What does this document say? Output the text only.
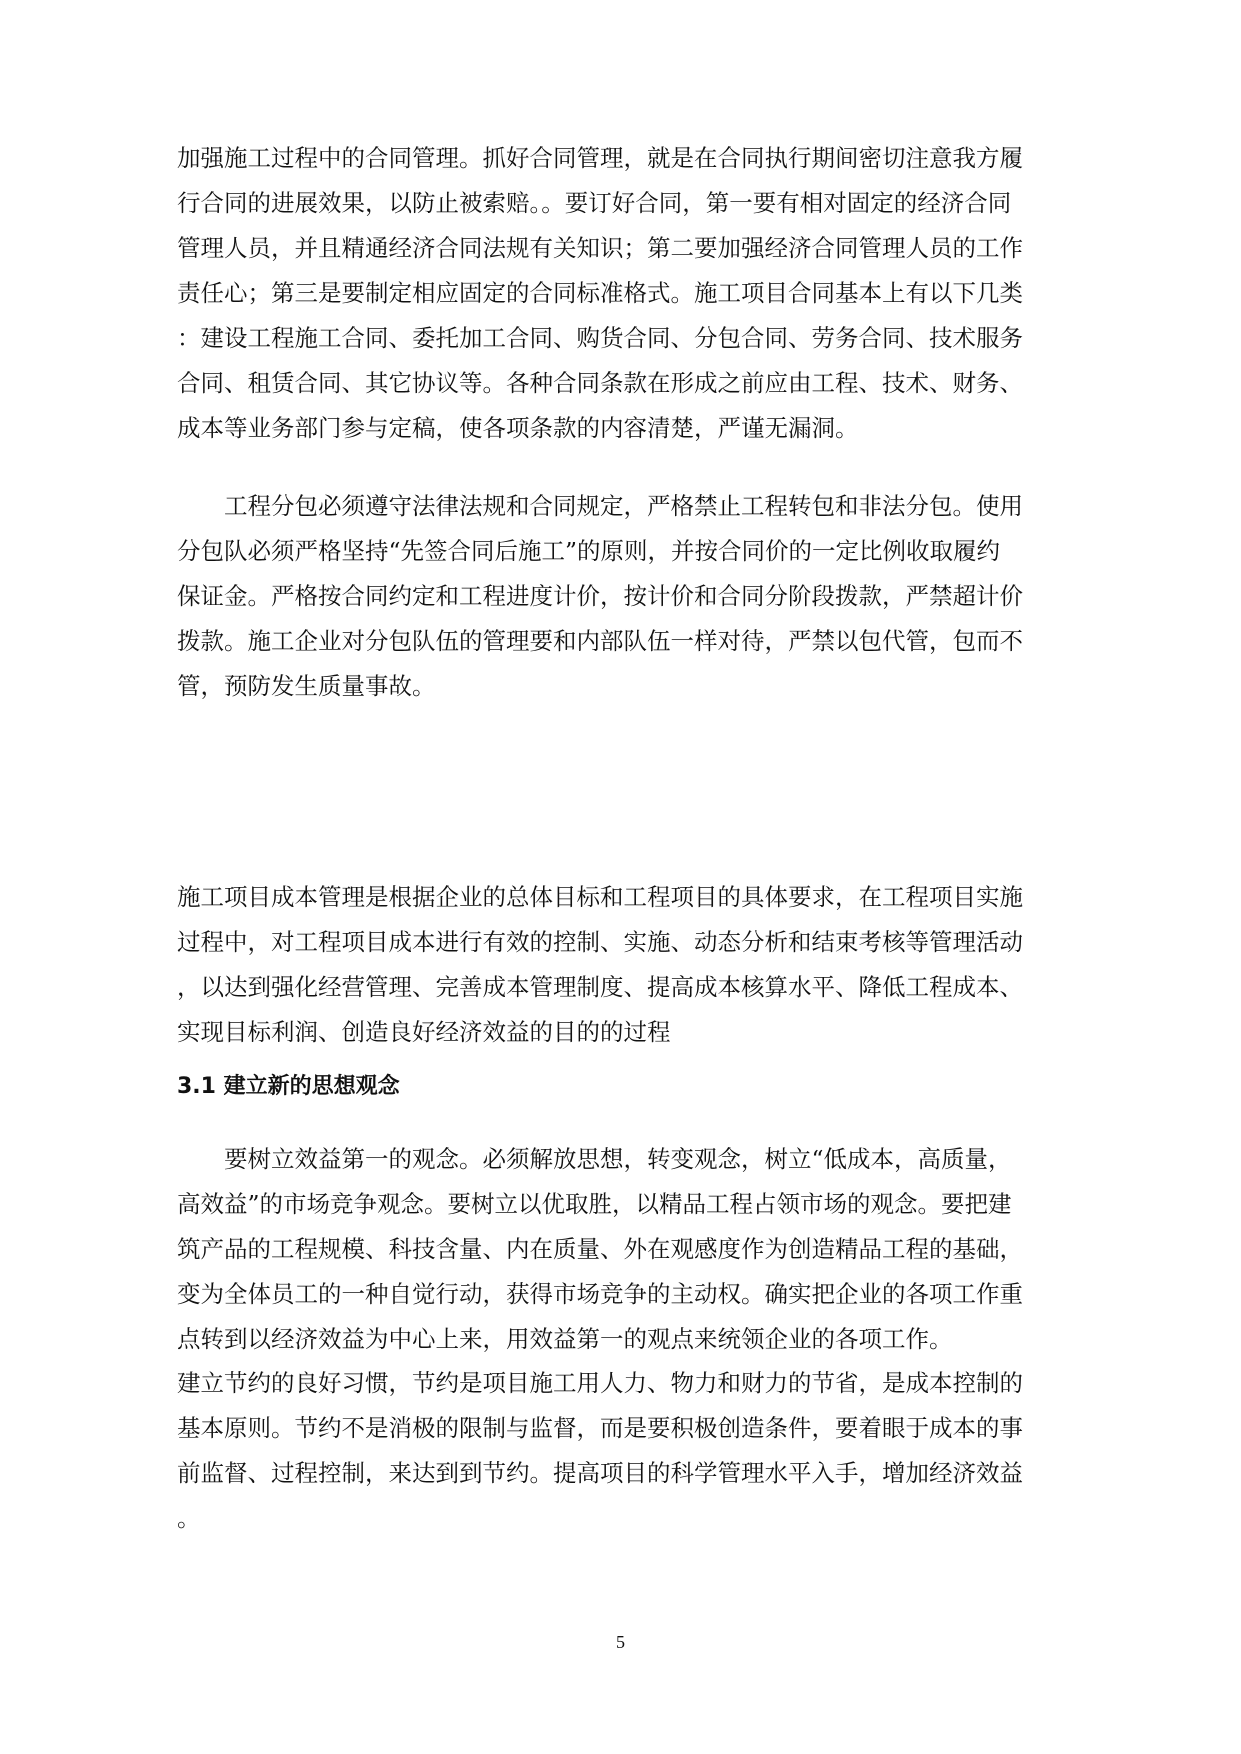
加强施工过程中的合同管理。抓好合同管理，就是在合同执行期间密切注意我方履
行合同的进展效果，以防止被索赔。。要订好合同，第一要有相对固定的经济合同
管理人员，并且精通经济合同法规有关知识；第二要加强经济合同管理人员的工作
责任心；第三是要制定相应固定的合同标准格式。施工项目合同基本上有以下几类
：建设工程施工合同、委托加工合同、购货合同、分包合同、劳务合同、技术服务
合同、租赁合同、其它协议等。各种合同条款在形成之前应由工程、技术、财务、
成本等业务部门参与定稿，使各项条款的内容清楚，严谨无漏洞。
　　工程分包必须遵守法律法规和合同规定，严格禁止工程转包和非法分包。使用
分包队必须严格坚持“先签合同后施工”的原则，并按合同价的一定比例收取履约
保证金。严格按合同约定和工程进度计价，按计价和合同分阶段拨款，严禁超计价
拨款。施工企业对分包队伍的管理要和内部队伍一样对待，严禁以包代管，包而不
管，预防发生质量事故。
施工项目成本管理是根据企业的总体目标和工程项目的具体要求，在工程项目实施
过程中，对工程项目成本进行有效的控制、实施、动态分析和结束考核等管理活动
，以达到强化经营管理、完善成本管理制度、提高成本核算水平、降低工程成本、
实现目标利润、创造良好经济效益的目的的过程
3.1 建立新的思想观念
　　要树立效益第一的观念。必须解放思想，转变观念，树立“低成本，高质量，
高效益”的市场竞争观念。要树立以优取胜，以精品工程占领市场的观念。要把建
筑产品的工程规模、科技含量、内在质量、外在观感度作为创造精品工程的基础，
变为全体员工的一种自觉行动，获得市场竞争的主动权。确实把企业的各项工作重
点转到以经济效益为中心上来，用效益第一的观点来统领企业的各项工作。
建立节约的良好习惯，节约是项目施工用人力、物力和财力的节省，是成本控制的
基本原则。节约不是消极的限制与监督，而是要积极创造条件，要着眼于成本的事
前监督、过程控制，来达到到节约。提高项目的科学管理水平入手，增加经济效益
。
5
